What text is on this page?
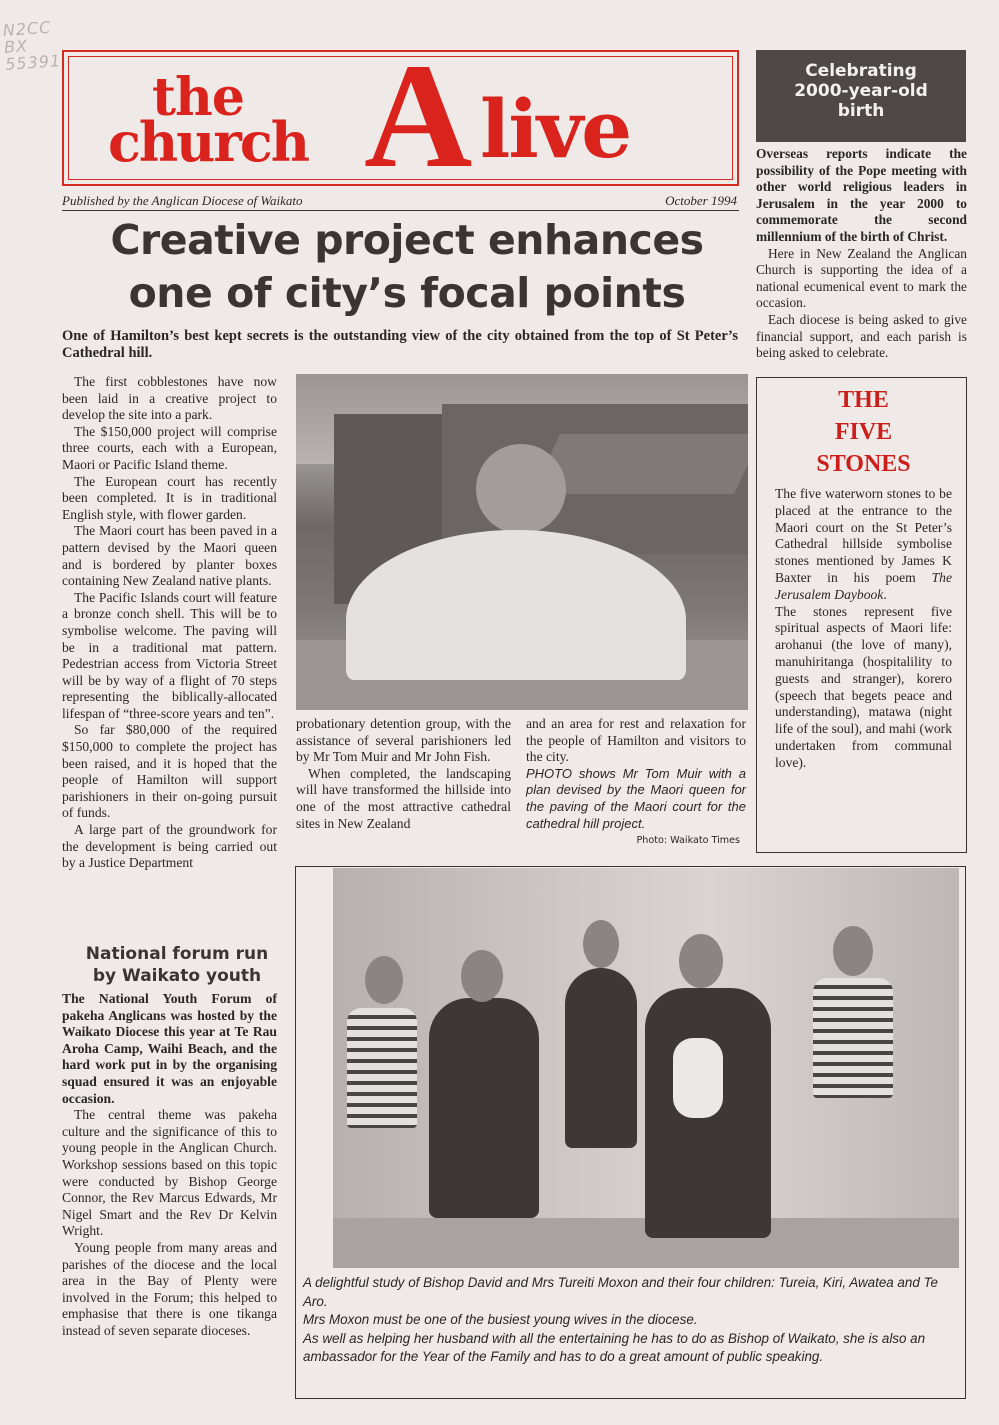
N2CC
BX
55391
the
church A live
Published by the Anglican Diocese of Waikato	October 1994
Creative project enhances
one of city’s focal points
One of Hamilton’s best kept secrets is the outstanding view of the city obtained from the top of St Peter’s Cathedral hill.

The first cobblestones have now been laid in a creative project to develop the site into a park.

The $150,000 project will comprise three courts, each with a European, Maori or Pacific Island theme.

The European court has recently been completed. It is in traditional English style, with flower garden.

The Maori court has been paved in a pattern devised by the Maori queen and is bordered by planter boxes containing New Zealand native plants.

The Pacific Islands court will feature a bronze conch shell. This will be to symbolise welcome. The paving will be in a traditional mat pattern. Pedestrian access from Victoria Street will be by way of a flight of 70 steps representing the biblically-allocated lifespan of “three-score years and ten”.

So far $80,000 of the required $150,000 to complete the project has been raised, and it is hoped that the people of Hamilton will support parishioners in their on-going pursuit of funds.

A large part of the groundwork for the development is being carried out by a Justice Department

probationary detention group, with the assistance of several parishioners led by Mr Tom Muir and Mr John Fish.

When completed, the landscaping will have transformed the hillside into one of the most attractive cathedral sites in New Zealand

and an area for rest and relaxation for the people of Hamilton and visitors to the city.

PHOTO shows Mr Tom Muir with a plan devised by the Maori queen for the paving of the Maori court for the cathedral hill project.

Photo: Waikato Times
Celebrating
2000-year-old
birth

Overseas reports indicate the possibility of the Pope meeting with other world religious leaders in Jerusalem in the year 2000 to commemorate the second millennium of the birth of Christ.

Here in New Zealand the Anglican Church is supporting the idea of a national ecumenical event to mark the occasion.

Each diocese is being asked to give financial support, and each parish is being asked to celebrate.

THE
FIVE
STONES

The five waterworn stones to be placed at the entrance to the Maori court on the St Peter’s Cathedral hillside symbolise stones mentioned by James K Baxter in his poem The Jerusalem Daybook.

The stones represent five spiritual aspects of Maori life: arohanui (the love of many), manuhiritanga (hospitalility to guests and stranger), korero (speech that begets peace and understanding), matawa (night life of the soul), and mahi (work undertaken from communal love).

National forum run
by Waikato youth

The National Youth Forum of pakeha Anglicans was hosted by the Waikato Diocese this year at Te Rau Aroha Camp, Waihi Beach, and the hard work put in by the organising squad ensured it was an enjoyable occasion.

The central theme was pakeha culture and the significance of this to young people in the Anglican Church. Workshop sessions based on this topic were conducted by Bishop George Connor, the Rev Marcus Edwards, Mr Nigel Smart and the Rev Dr Kelvin Wright.

Young people from many areas and parishes of the diocese and the local area in the Bay of Plenty were involved in the Forum; this helped to emphasise that there is one tikanga instead of seven separate dioceses.

A delightful study of Bishop David and Mrs Tureiti Moxon and their four children: Tureia, Kiri, Awatea and Te Aro.
Mrs Moxon must be one of the busiest young wives in the diocese.
As well as helping her husband with all the entertaining he has to do as Bishop of Waikato, she is also an ambassador for the Year of the Family and has to do a great amount of public speaking.
